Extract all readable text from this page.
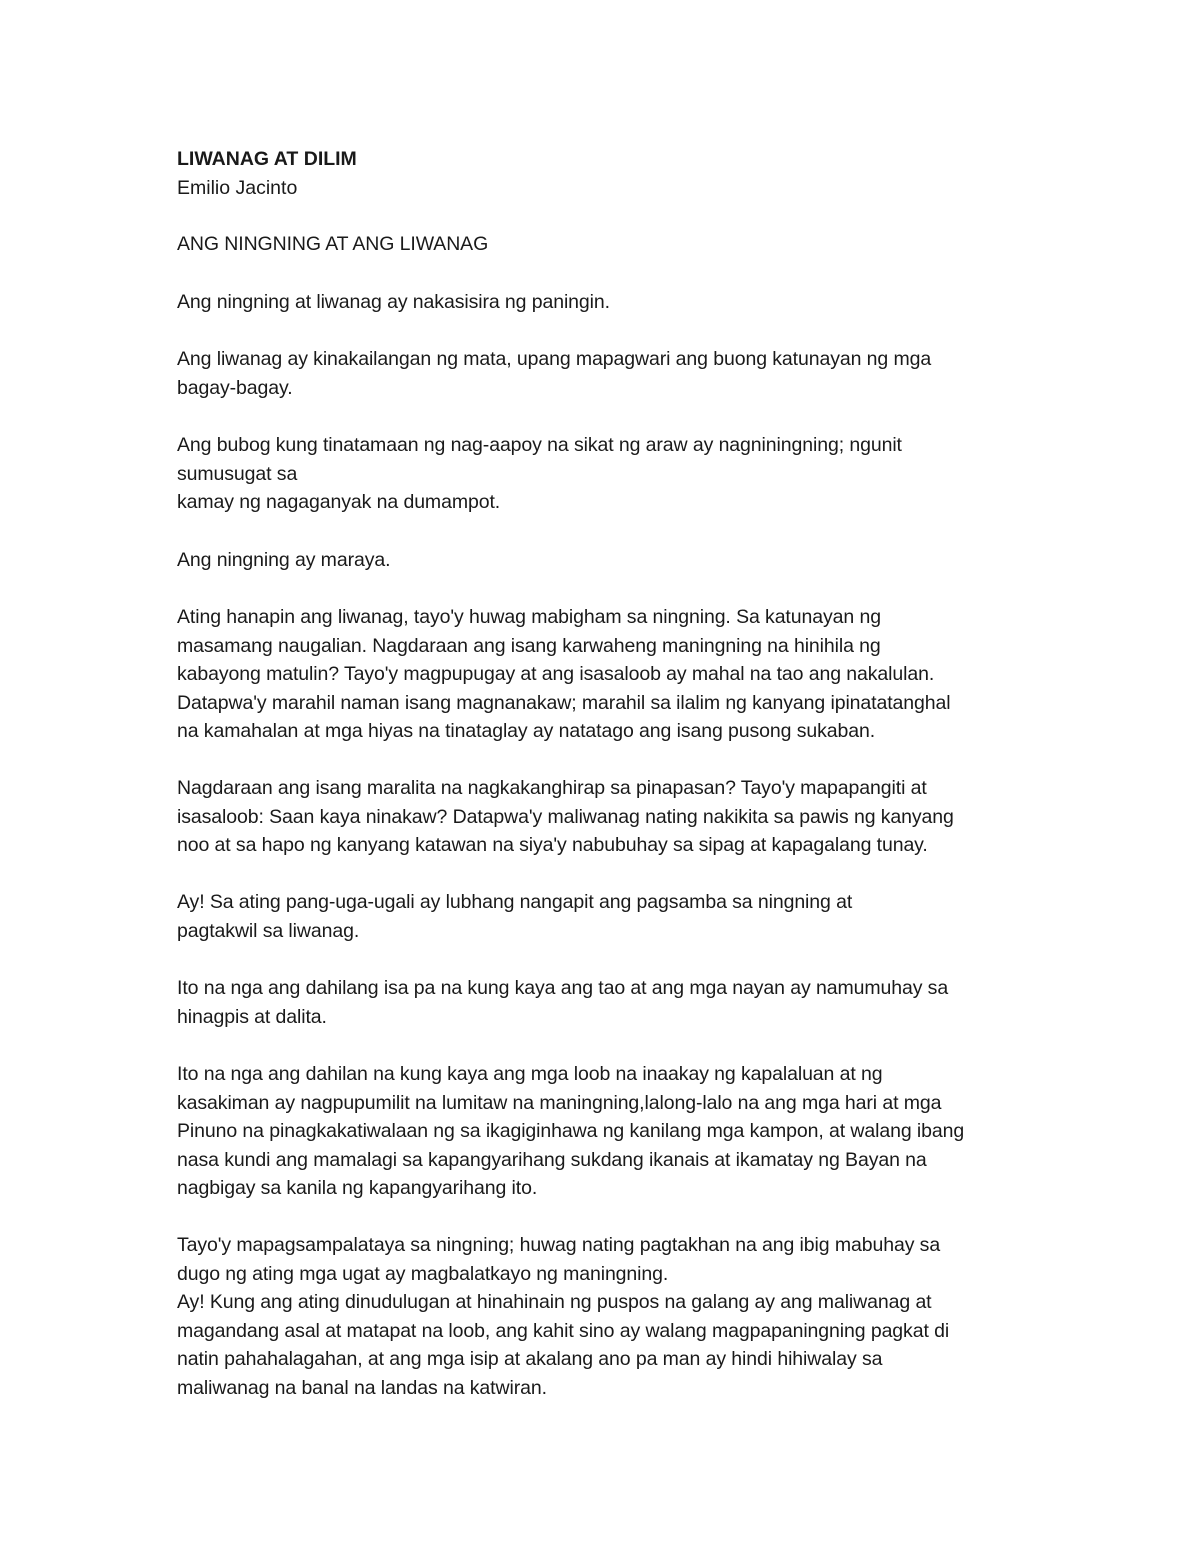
LIWANAG AT DILIM
Emilio Jacinto
ANG NINGNING AT ANG LIWANAG
Ang ningning at liwanag ay nakasisira ng paningin.
Ang liwanag ay kinakailangan ng mata, upang mapagwari ang buong katunayan ng mga
bagay-bagay.
Ang bubog kung tinatamaan ng nag-aapoy na sikat ng araw ay nagniningning; ngunit
sumusugat sa
kamay ng nagaganyak na dumampot.
Ang ningning ay maraya.
Ating hanapin ang liwanag, tayo'y huwag mabigham sa ningning. Sa katunayan ng
masamang naugalian. Nagdaraan ang isang karwaheng maningning na hinihila ng
kabayong matulin? Tayo'y magpupugay at ang isasaloob ay mahal na tao ang nakalulan.
Datapwa'y marahil naman isang magnanakaw; marahil sa ilalim ng kanyang ipinatatanghal
na kamahalan at mga hiyas na tinataglay ay natatago ang isang pusong sukaban.
Nagdaraan ang isang maralita na nagkakanghirap sa pinapasan? Tayo'y mapapangiti at
isasaloob: Saan kaya ninakaw? Datapwa'y maliwanag nating nakikita sa pawis ng kanyang
noo at sa hapo ng kanyang katawan na siya'y nabubuhay sa sipag at kapagalang tunay.
Ay! Sa ating pang-uga-ugali ay lubhang nangapit ang pagsamba sa ningning at
pagtakwil sa liwanag.
Ito na nga ang dahilang isa pa na kung kaya ang tao at ang mga nayan ay namumuhay sa
hinagpis at dalita.
Ito na nga ang dahilan na kung kaya ang mga loob na inaakay ng kapalaluan at ng
kasakiman ay nagpupumilit na lumitaw na maningning,lalong-lalo na ang mga hari at mga
Pinuno na pinagkakatiwalaan ng sa ikagiginhawa ng kanilang mga kampon, at walang ibang
nasa kundi ang mamalagi sa kapangyarihang sukdang ikanais at ikamatay ng Bayan na
nagbigay sa kanila ng kapangyarihang ito.
Tayo'y mapagsampalataya sa ningning; huwag nating pagtakhan na ang ibig mabuhay sa
dugo ng ating mga ugat ay magbalatkayo ng maningning.
Ay! Kung ang ating dinudulugan at hinahinain ng puspos na galang ay ang maliwanag at
magandang asal at matapat na loob, ang kahit sino ay walang magpapaningning pagkat di
natin pahahalagahan, at ang mga isip at akalang ano pa man ay hindi hihiwalay sa
maliwanag na banal na landas na katwiran.
